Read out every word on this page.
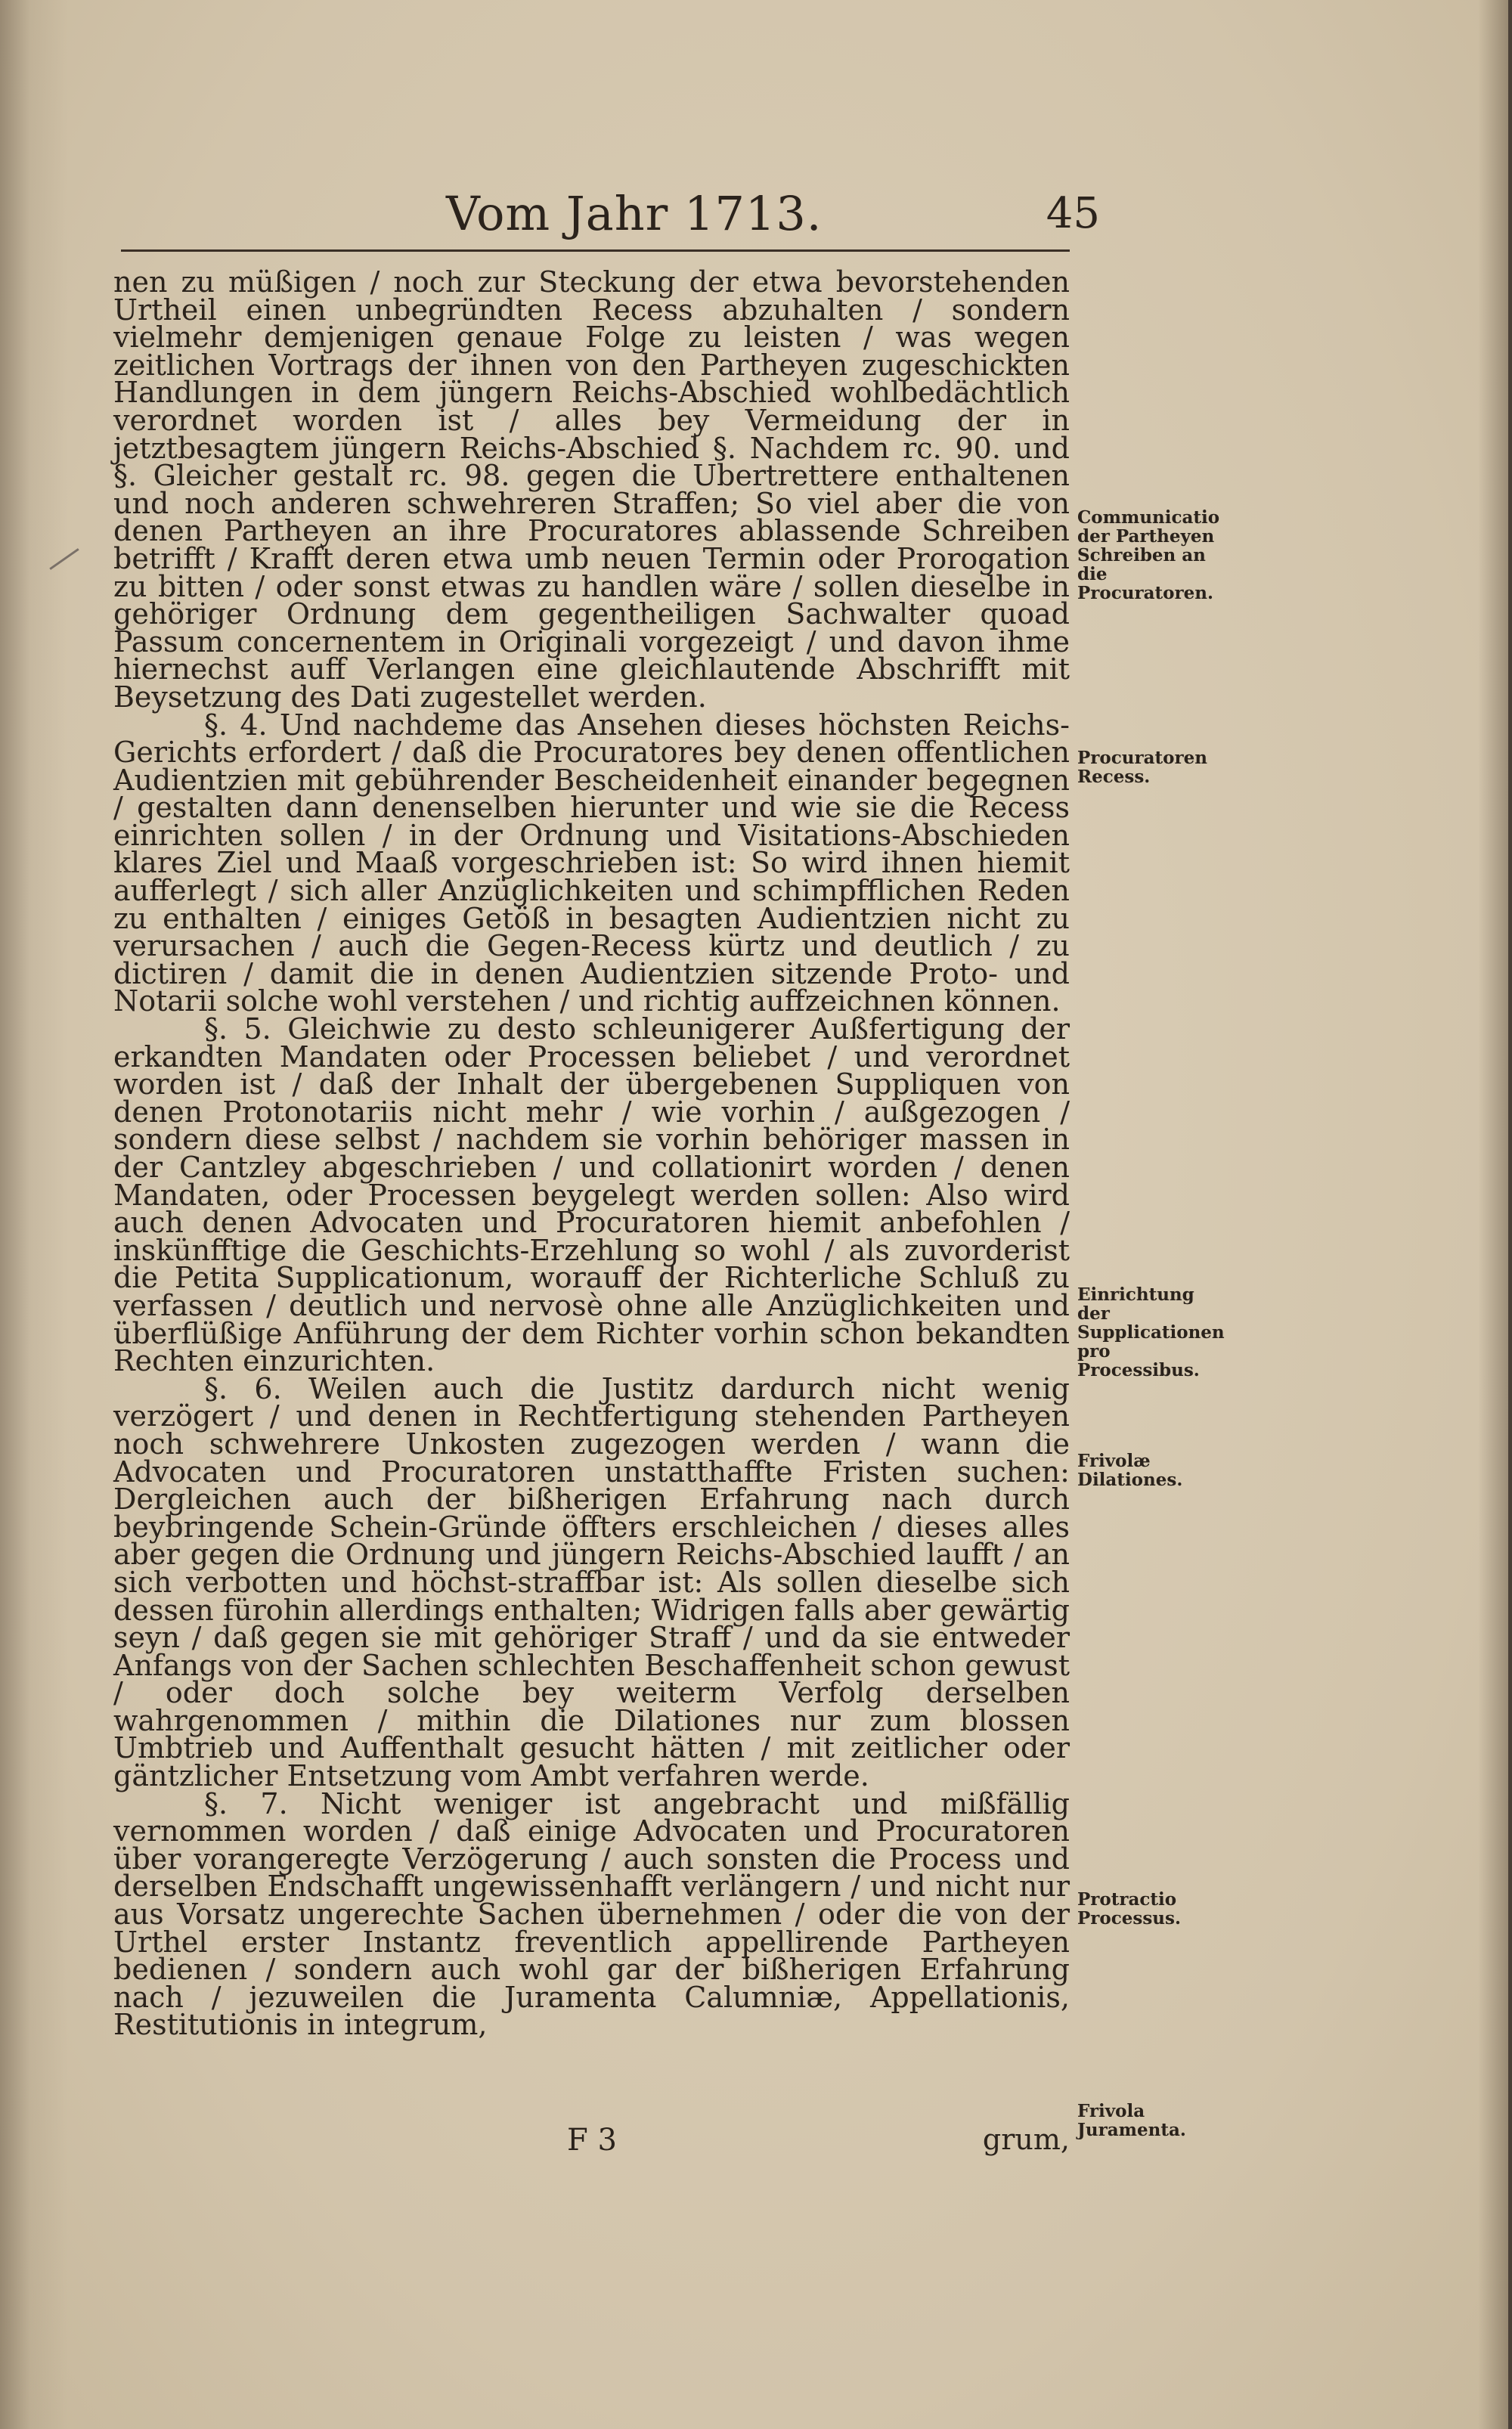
Vom Jahr 1713.	45
nen zu müßigen / noch zur Steckung der etwa bevorstehenden Urtheil einen unbegründten Recess abzuhalten / sondern vielmehr demjenigen genaue Folge zu leisten / was wegen zeitlichen Vortrags der ihnen von den Partheyen zugeschickten Handlungen in dem jüngern Reichs-Abschied wohlbedächtlich verordnet worden ist / alles bey Vermeidung der in jetztbesagtem jüngern Reichs-Abschied §. Nachdem rc. 90. und §. Gleicher gestalt rc. 98. gegen die Ubertrettere enthaltenen und noch anderen schwehreren Straffen; So viel aber die von denen Partheyen an ihre Procuratores ablassende Schreiben betrifft / Krafft deren etwa umb neuen Termin oder Prorogation zu bitten / oder sonst etwas zu handlen wäre / sollen dieselbe in gehöriger Ordnung dem gegentheiligen Sachwalter quoad Passum concernentem in Originali vorgezeigt / und davon ihme hiernechst auff Verlangen eine gleichlautende Abschrifft mit Beysetzung des Dati zugestellet werden.
§. 4. Und nachdeme das Ansehen dieses höchsten Reichs-Gerichts erfordert / daß die Procuratores bey denen offentlichen Audientzien mit gebührender Bescheidenheit einander begegnen / gestalten dann denenselben hierunter und wie sie die Recess einrichten sollen / in der Ordnung und Visitations-Abschieden klares Ziel und Maaß vorgeschrieben ist: So wird ihnen hiemit aufferlegt / sich aller Anzüglichkeiten und schimpfflichen Reden zu enthalten / einiges Getöß in besagten Audientzien nicht zu verursachen / auch die Gegen-Recess kürtz und deutlich / zu dictiren / damit die in denen Audientzien sitzende Proto- und Notarii solche wohl verstehen / und richtig auffzeichnen können.
§. 5. Gleichwie zu desto schleunigerer Außfertigung der erkandten Mandaten oder Processen beliebet / und verordnet worden ist / daß der Inhalt der übergebenen Suppliquen von denen Protonotariis nicht mehr / wie vorhin / außgezogen / sondern diese selbst / nachdem sie vorhin behöriger massen in der Cantzley abgeschrieben / und collationirt worden / denen Mandaten, oder Processen beygelegt werden sollen: Also wird auch denen Advocaten und Procuratoren hiemit anbefohlen / inskünfftige die Geschichts-Erzehlung so wohl / als zuvorderist die Petita Supplicationum, worauff der Richterliche Schluß zu verfassen / deutlich und nervosè ohne alle Anzüglichkeiten und überflüßige Anführung der dem Richter vorhin schon bekandten Rechten einzurichten.
§. 6. Weilen auch die Justitz dardurch nicht wenig verzögert / und denen in Rechtfertigung stehenden Partheyen noch schwehrere Unkosten zugezogen werden / wann die Advocaten und Procuratoren unstatthaffte Fristen suchen: Dergleichen auch der bißherigen Erfahrung nach durch beybringende Schein-Gründe öffters erschleichen / dieses alles aber gegen die Ordnung und jüngern Reichs-Abschied laufft / an sich verbotten und höchst-straffbar ist: Als sollen dieselbe sich dessen fürohin allerdings enthalten; Widrigen falls aber gewärtig seyn / daß gegen sie mit gehöriger Straff / und da sie entweder Anfangs von der Sachen schlechten Beschaffenheit schon gewust / oder doch solche bey weiterm Verfolg derselben wahrgenommen / mithin die Dilationes nur zum blossen Umbtrieb und Auffenthalt gesucht hätten / mit zeitlicher oder gäntzlicher Entsetzung vom Ambt verfahren werde.
§. 7. Nicht weniger ist angebracht und mißfällig vernommen worden / daß einige Advocaten und Procuratoren über vorangeregte Verzögerung / auch sonsten die Process und derselben Endschafft ungewissenhafft verlängern / und nicht nur aus Vorsatz ungerechte Sachen übernehmen / oder die von der Urthel erster Instantz freventlich appellirende Partheyen bedienen / sondern auch wohl gar der bißherigen Erfahrung nach / jezuweilen die Juramenta Calumniæ, Appellationis, Restitutionis in integrum,
Communicatio der Partheyen Schreiben an die Procuratoren.
Procuratoren Recess.
Einrichtung der Supplicationen pro Processibus.
Frivolæ Dilationes.
Protractio Processus.
Frivola Juramenta.
F 3	grum,
